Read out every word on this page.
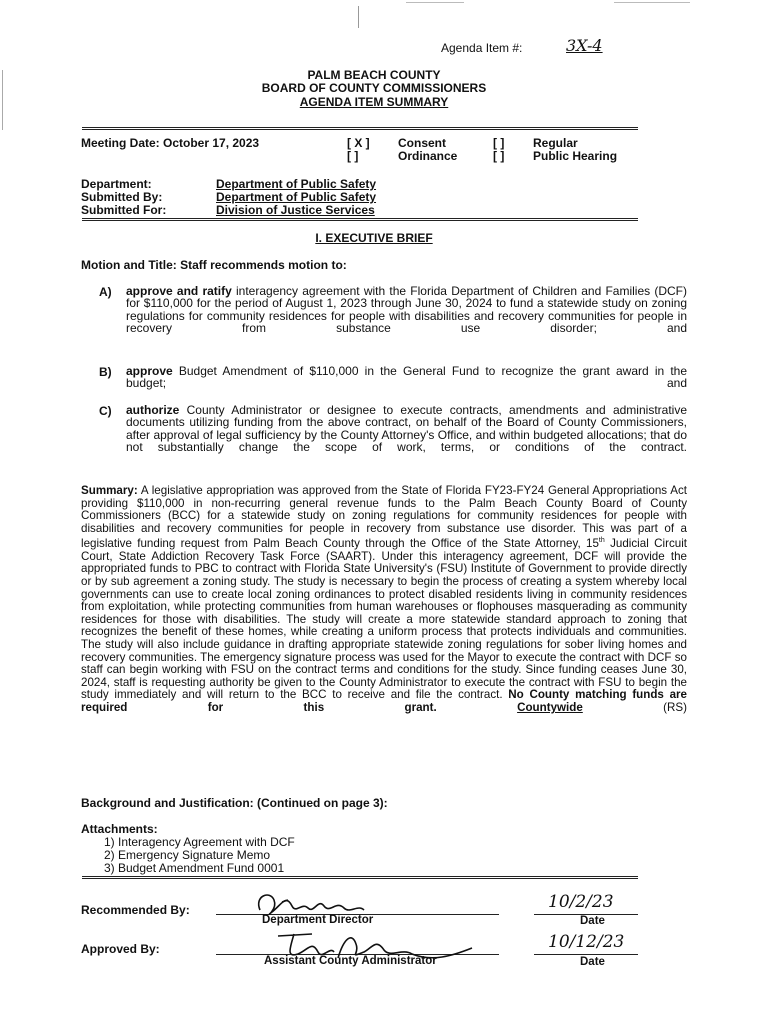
Agenda Item #:	3X-4
PALM BEACH COUNTY
BOARD OF COUNTY COMMISSIONERS
AGENDA ITEM SUMMARY
Meeting Date: October 17, 2023	[ X ] Consent	[ ] Regular
[ ]	Ordinance	[ ] Public Hearing
Department:	Department of Public Safety
Submitted By:	Department of Public Safety
Submitted For:	Division of Justice Services
I. EXECUTIVE BRIEF
Motion and Title: Staff recommends motion to:
A) approve and ratify interagency agreement with the Florida Department of Children and Families (DCF) for $110,000 for the period of August 1, 2023 through June 30, 2024 to fund a statewide study on zoning regulations for community residences for people with disabilities and recovery communities for people in recovery from substance use disorder; and
B) approve Budget Amendment of $110,000 in the General Fund to recognize the grant award in the budget; and
C) authorize County Administrator or designee to execute contracts, amendments and administrative documents utilizing funding from the above contract, on behalf of the Board of County Commissioners, after approval of legal sufficiency by the County Attorney's Office, and within budgeted allocations; that do not substantially change the scope of work, terms, or conditions of the contract.
Summary: A legislative appropriation was approved from the State of Florida FY23-FY24 General Appropriations Act providing $110,000 in non-recurring general revenue funds to the Palm Beach County Board of County Commissioners (BCC) for a statewide study on zoning regulations for community residences for people with disabilities and recovery communities for people in recovery from substance use disorder. This was part of a legislative funding request from Palm Beach County through the Office of the State Attorney, 15th Judicial Circuit Court, State Addiction Recovery Task Force (SAART). Under this interagency agreement, DCF will provide the appropriated funds to PBC to contract with Florida State University's (FSU) Institute of Government to provide directly or by sub agreement a zoning study. The study is necessary to begin the process of creating a system whereby local governments can use to create local zoning ordinances to protect disabled residents living in community residences from exploitation, while protecting communities from human warehouses or flophouses masquerading as community residences for those with disabilities. The study will create a more statewide standard approach to zoning that recognizes the benefit of these homes, while creating a uniform process that protects individuals and communities. The study will also include guidance in drafting appropriate statewide zoning regulations for sober living homes and recovery communities. The emergency signature process was used for the Mayor to execute the contract with DCF so staff can begin working with FSU on the contract terms and conditions for the study. Since funding ceases June 30, 2024, staff is requesting authority be given to the County Administrator to execute the contract with FSU to begin the study immediately and will return to the BCC to receive and file the contract. No County matching funds are required for this grant.	Countywide (RS)
Background and Justification: (Continued on page 3):
Attachments:
1) Interagency Agreement with DCF
2) Emergency Signature Memo
3) Budget Amendment Fund 0001
Recommended By:
Department Director
10/2/23
Date
Approved By:
Assistant County Administrator
10/12/23
Date
